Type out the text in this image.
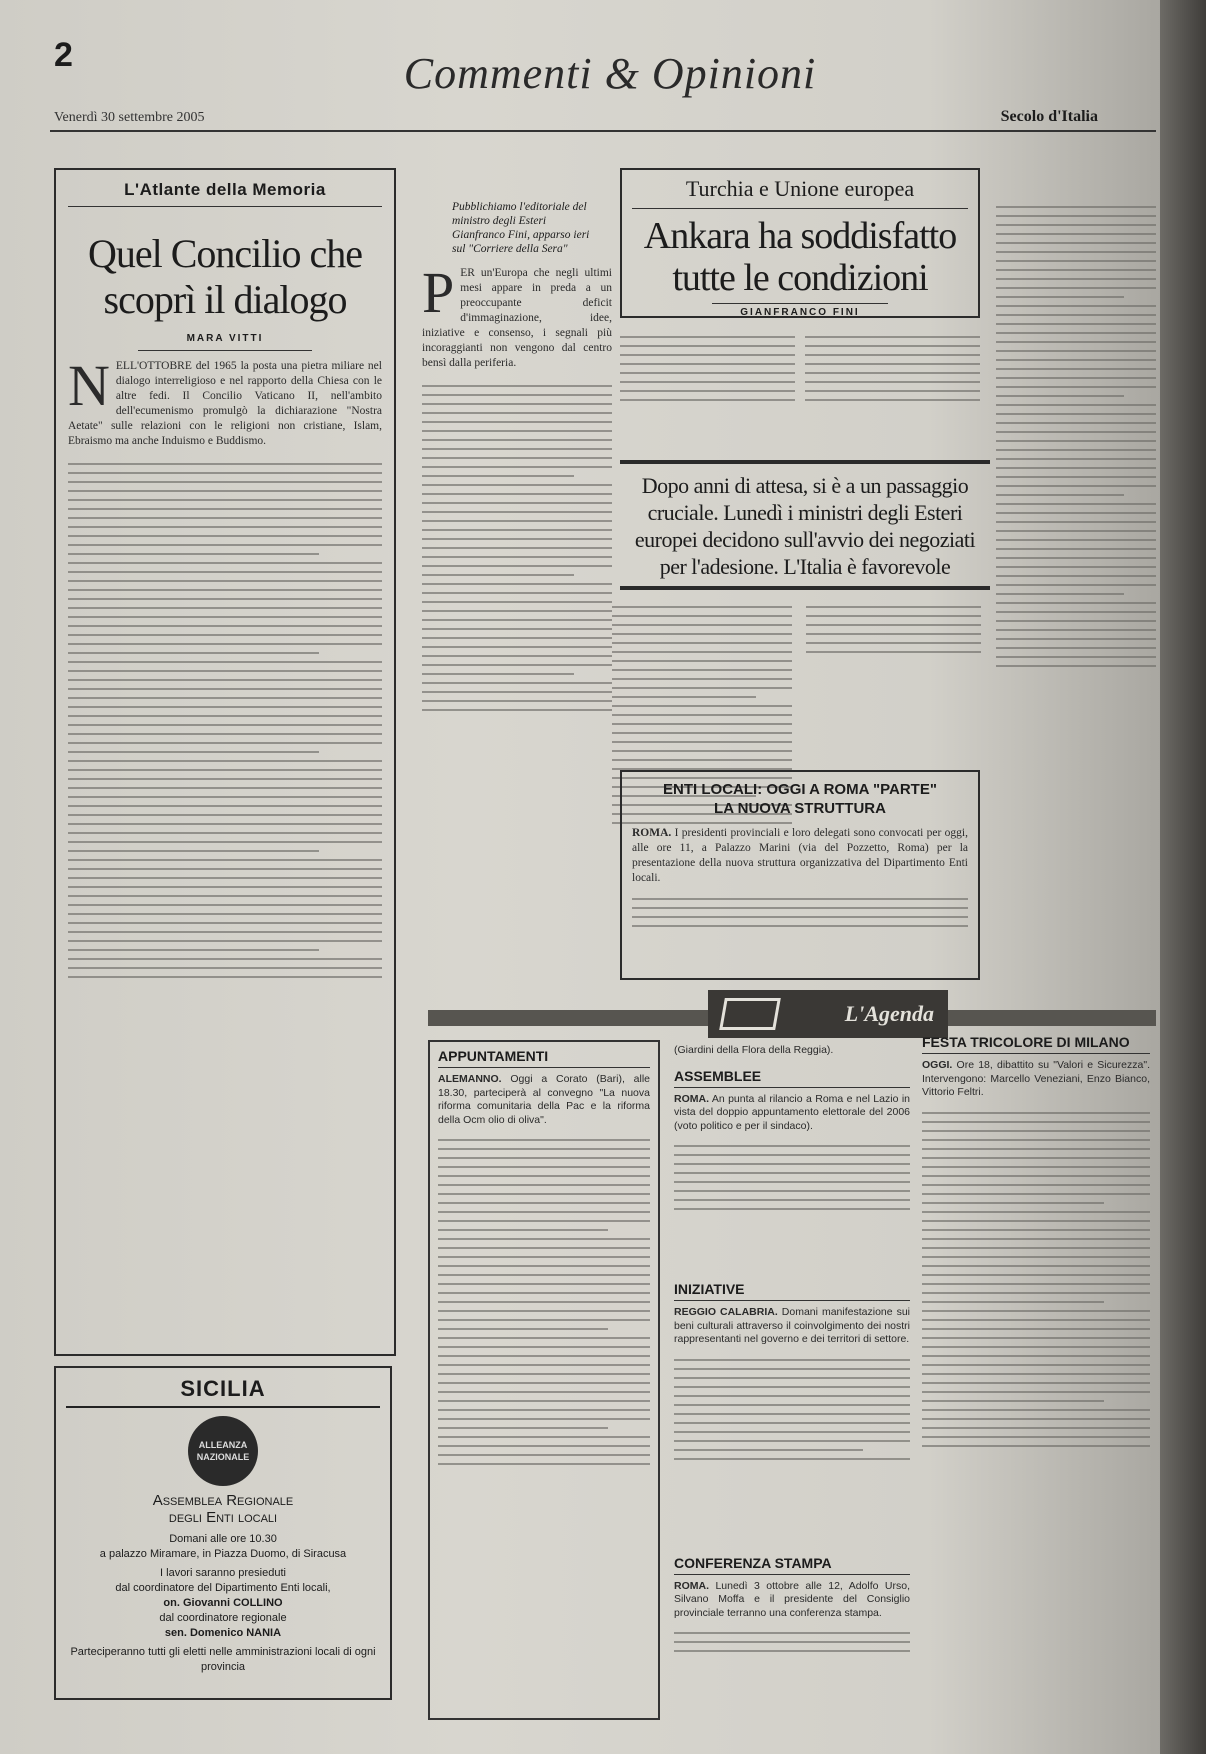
2	Commenti & Opinioni
Venerdì 30 settembre 2005	Secolo d'Italia
L'Atlante della Memoria
Quel Concilio che scoprì il dialogo
MARA VITTI
NELL'OTTOBRE del 1965 la posta una pietra miliare nel dialogo interreligioso e nel rapporto della Chiesa con le altre fedi. Il Concilio Vaticano II, nell'ambito dell'ecumenismo promulgò la dichiarazione "Nostra Aetate" sulle relazioni con le religioni non cristiane, Islam, Ebraismo ma anche Induismo e Buddismo.
SICILIA
ALLEANZA NAZIONALE
Assemblea Regionale
degli Enti locali
Domani alle ore 10.30
a palazzo Miramare, in Piazza Duomo, di Siracusa
I lavori saranno presieduti
dal coordinatore del Dipartimento Enti locali,
on. Giovanni COLLINO
dal coordinatore regionale
sen. Domenico NANIA
Parteciperanno tutti gli eletti nelle amministrazioni locali di ogni provincia
Pubblichiamo l'editoriale del ministro degli Esteri Gianfranco Fini, apparso ieri sul "Corriere della Sera"
PER un'Europa che negli ultimi mesi appare in preda a un preoccupante deficit d'immaginazione, idee, iniziative e consenso, i segnali più incoraggianti non vengono dal centro bensì dalla periferia.
Turchia e Unione europea
Ankara ha soddisfatto tutte le condizioni
GIANFRANCO FINI
Dopo anni di attesa, si è a un passaggio cruciale. Lunedì i ministri degli Esteri europei decidono sull'avvio dei negoziati per l'adesione. L'Italia è favorevole
ENTI LOCALI: OGGI A ROMA "PARTE" LA NUOVA STRUTTURA
ROMA. I presidenti provinciali e loro delegati sono convocati per oggi, alle ore 11, a Palazzo Marini (via del Pozzetto, Roma) per la presentazione della nuova struttura organizzativa del Dipartimento Enti locali.
L'Agenda
APPUNTAMENTI
ALEMANNO. Oggi a Corato (Bari), alle 18.30, parteciperà al convegno "La nuova riforma comunitaria della Pac e la riforma della Ocm olio di oliva".
(Giardini della Flora della Reggia).
ASSEMBLEE
ROMA. An punta al rilancio a Roma e nel Lazio in vista del doppio appuntamento elettorale del 2006 (voto politico e per il sindaco).
INIZIATIVE
REGGIO CALABRIA. Domani manifestazione sui beni culturali attraverso il coinvolgimento dei nostri rappresentanti nel governo e dei territori di settore.
CONFERENZA STAMPA
ROMA. Lunedì 3 ottobre alle 12, Adolfo Urso, Silvano Moffa e il presidente del Consiglio provinciale terranno una conferenza stampa.
FESTA TRICOLORE DI MILANO
OGGI. Ore 18, dibattito su "Valori e Sicurezza". Intervengono: Marcello Veneziani, Enzo Bianco, Vittorio Feltri.
